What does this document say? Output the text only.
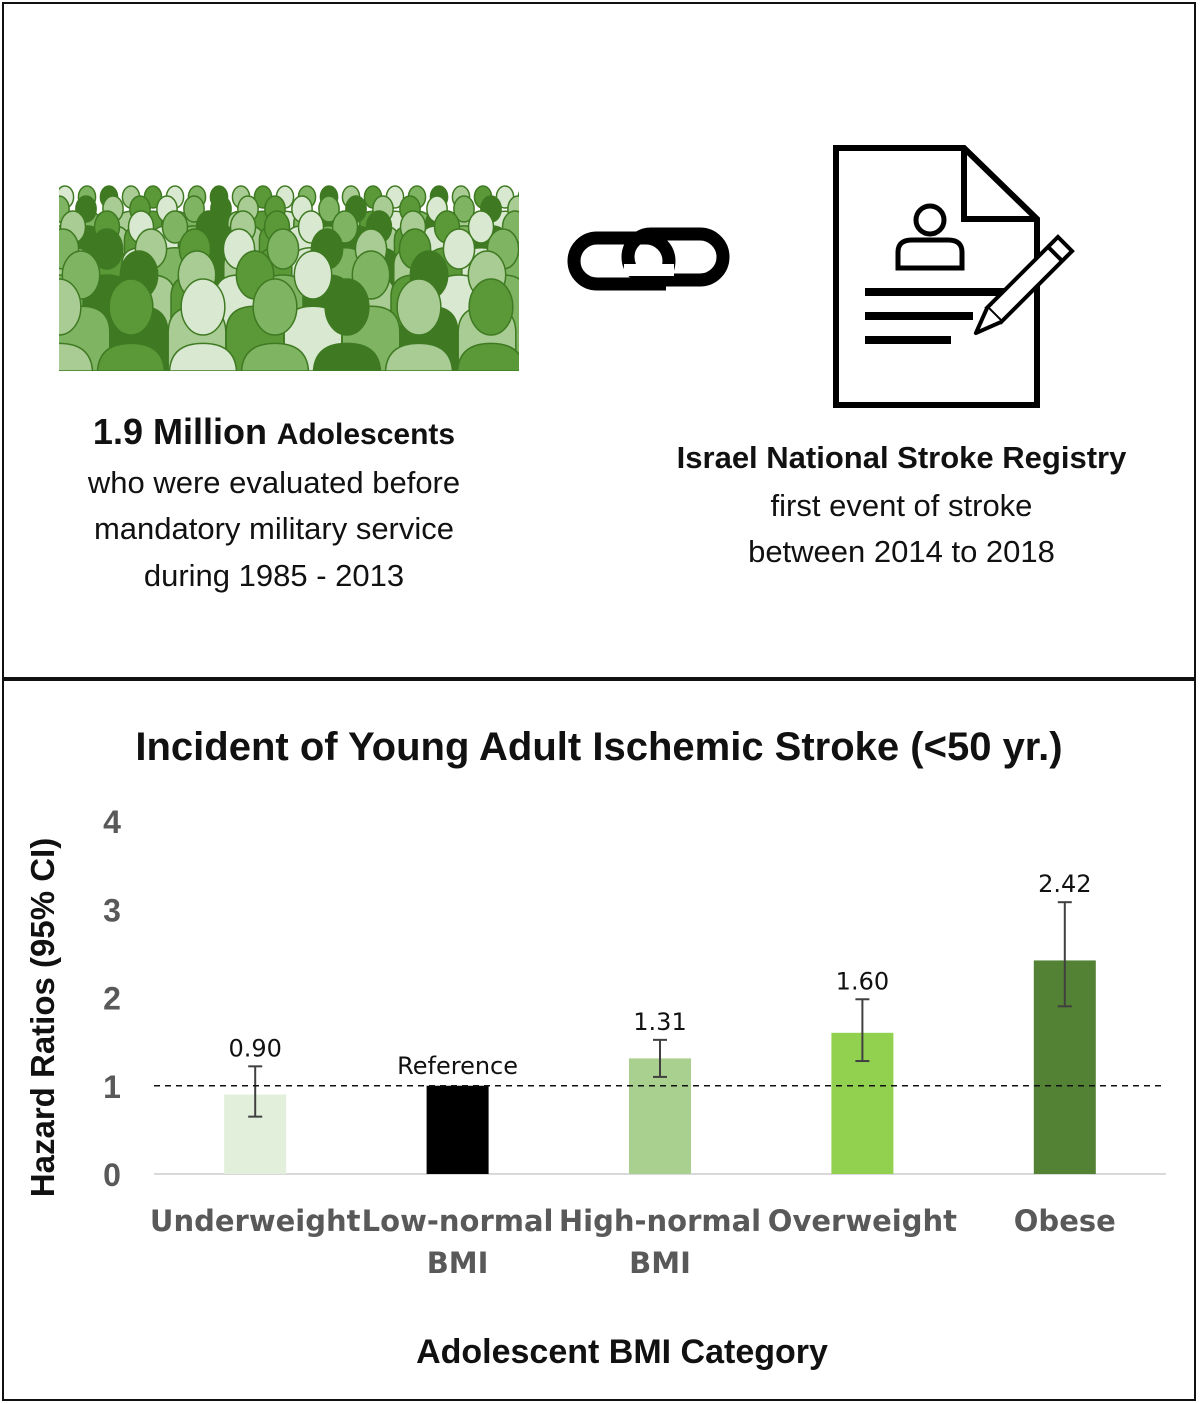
1.9 Million Adolescents
who were evaluated before
mandatory military service
during 1985 - 2013
Israel National Stroke Registry
first event of stroke
between 2014 to 2018
Incident of Young Adult Ischemic Stroke (<50 yr.)
Hazard Ratios (95% CI) 0
1
2
3
4
0.90
Underweight
Reference
Low-normal
BMI
1.31
High-normal
BMI
1.60
Overweight
2.42
Obese
Adolescent BMI Category
